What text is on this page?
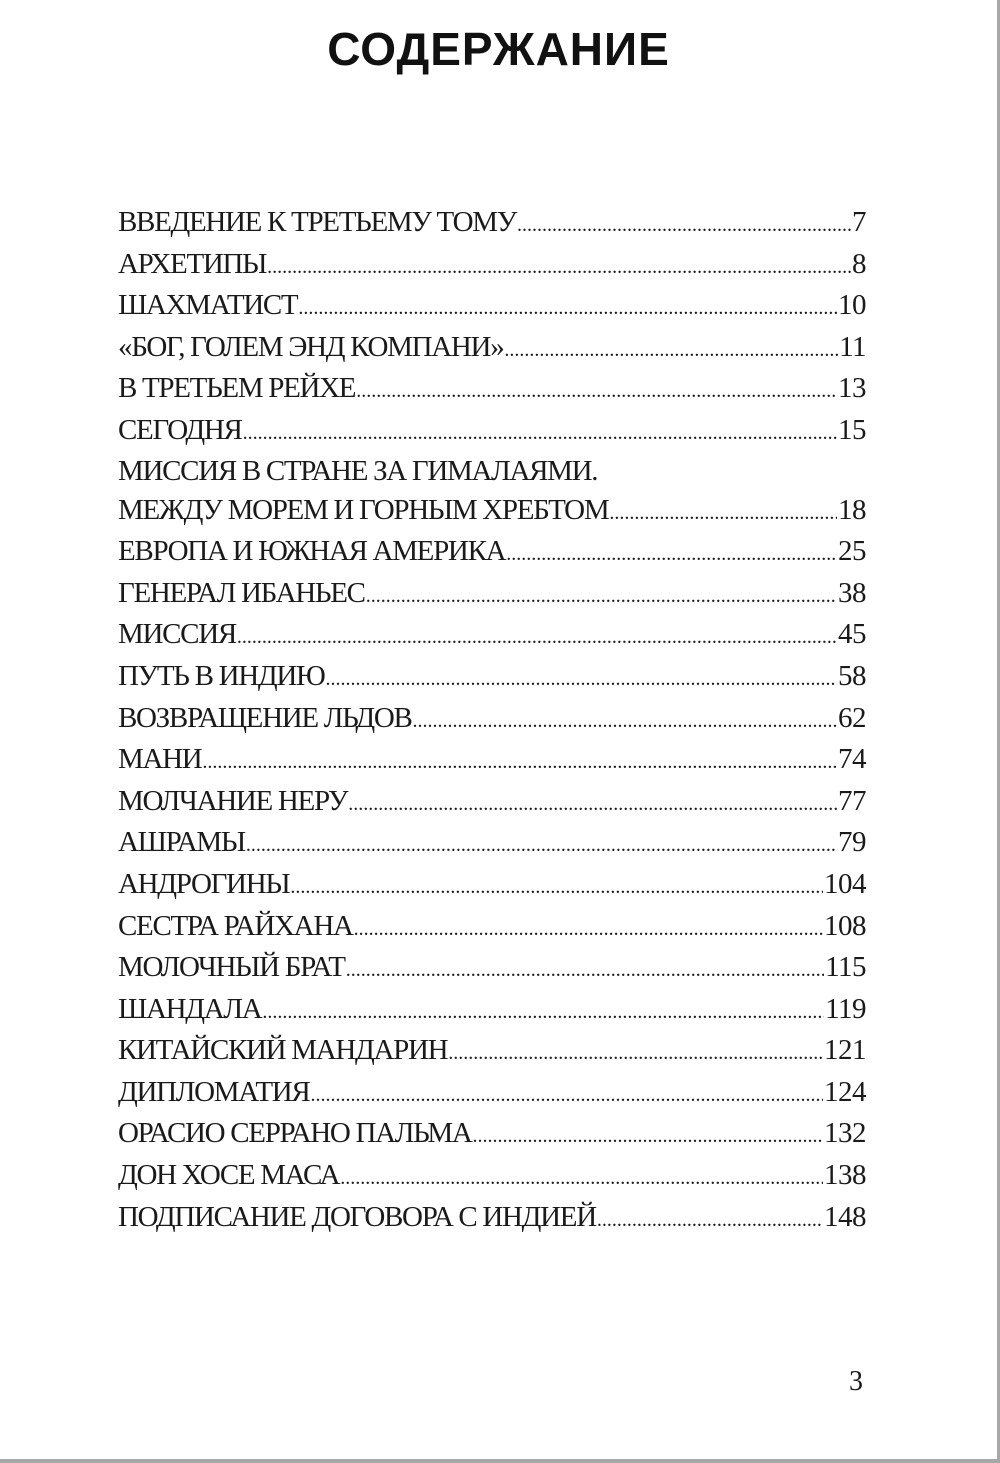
СОДЕРЖАНИЕ
ВВЕДЕНИЕ К ТРЕТЬЕМУ ТОМУ .....	7
АРХЕТИПЫ .....	8
ШАХМАТИСТ .....	10
«БОГ, ГОЛЕМ ЭНД КОМПАНИ» .....	11
В ТРЕТЬЕМ РЕЙХЕ .....	13
СЕГОДНЯ .....	15
МИССИЯ В СТРАНЕ ЗА ГИМАЛАЯМИ.
МЕЖДУ МОРЕМ И ГОРНЫМ ХРЕБТОМ .....	18
ЕВРОПА И ЮЖНАЯ АМЕРИКА .....	25
ГЕНЕРАЛ ИБАНЬЕС .....	38
МИССИЯ .....	45
ПУТЬ В ИНДИЮ .....	58
ВОЗВРАЩЕНИЕ ЛЬДОВ .....	62
МАНИ .....	74
МОЛЧАНИЕ НЕРУ .....	77
АШРАМЫ .....	79
АНДРОГИНЫ .....	104
СЕСТРА РАЙХАНА .....	108
МОЛОЧНЫЙ БРАТ .....	115
ШАНДАЛА .....	119
КИТАЙСКИЙ МАНДАРИН .....	121
ДИПЛОМАТИЯ .....	124
ОРАСИО СЕРРАНО ПАЛЬМА .....	132
ДОН ХОСЕ МАСА .....	138
ПОДПИСАНИЕ ДОГОВОРА С ИНДИЕЙ .....	148
3
